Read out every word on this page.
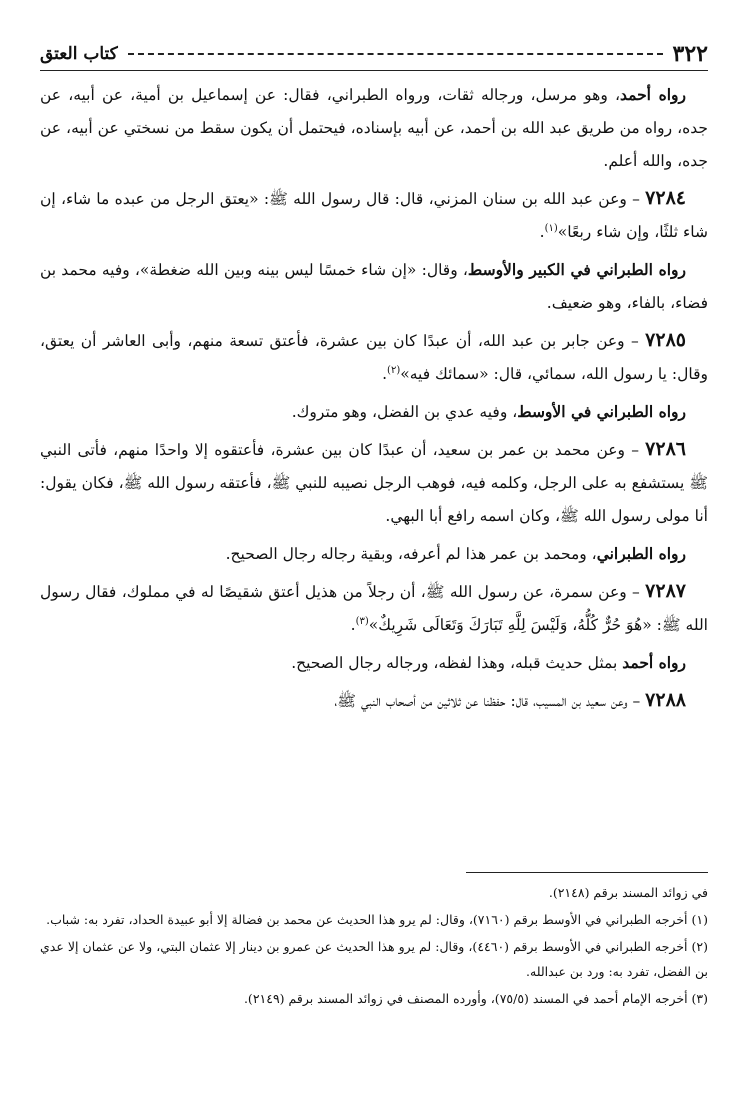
٣٢٢
كتاب العتق

رواه أحمد، وهو مرسل، ورجاله ثقات، ورواه الطبراني، فقال: عن إسماعيل بن أمية، عن أبيه، عن جده، رواه من طريق عبد الله بن أحمد، عن أبيه بإسناده، فيحتمل أن يكون سقط من نسختي عن أبيه، عن جده، والله أعلم.

٧٢٨٤ – وعن عبد الله بن سنان المزني، قال: قال رسول الله ﷺ: «يعتق الرجل من عبده ما شاء، إن شاء ثلثًا، وإن شاء ربعًا»$^{(١)}$.

رواه الطبراني في الكبير والأوسط، وقال: «إن شاء خمسًا ليس بينه وبين الله ضغطة»، وفيه محمد بن فضاء، بالفاء، وهو ضعيف.

٧٢٨٥ – وعن جابر بن عبد الله، أن عبدًا كان بين عشرة، فأعتق تسعة منهم، وأبى العاشر أن يعتق، وقال: يا رسول الله، سمائي، قال: «سمائك فيه»$^{(٢)}$.

رواه الطبراني في الأوسط، وفيه عدي بن الفضل، وهو متروك.

٧٢٨٦ – وعن محمد بن عمر بن سعيد، أن عبدًا كان بين عشرة، فأعتقوه إلا واحدًا منهم، فأتى النبي ﷺ يستشفع به على الرجل، وكلمه فيه، فوهب الرجل نصيبه للنبي ﷺ، فأعتقه رسول الله ﷺ، فكان يقول: أنا مولى رسول الله ﷺ، وكان اسمه رافع أبا البهي.

رواه الطبراني، ومحمد بن عمر هذا لم أعرفه، وبقية رجاله رجال الصحيح.

٧٢٨٧ – وعن سمرة، عن رسول الله ﷺ، أن رجلاً من هذيل أعتق شقيصًا له في مملوك، فقال رسول الله ﷺ: «هُوَ حُرٌّ كُلُّهُ، وَلَيْسَ لِلَّهِ تَبَارَكَ وَتَعَالَى شَرِيكٌ»$^{(٣)}$.

رواه أحمد بمثل حديث قبله، وهذا لفظه، ورجاله رجال الصحيح.

٧٢٨٨ – وعن سعيد بن المسيب، قال: حفظنا عن ثلاثين من أصحاب النبي ﷺ،

في زوائد المسند برقم (٢١٤٨).

(١) أخرجه الطبراني في الأوسط برقم (٧١٦٠)، وقال: لم يرو هذا الحديث عن محمد بن فضالة إلا أبو عبيدة الحداد، تفرد به: شباب.

(٢) أخرجه الطبراني في الأوسط برقم (٤٤٦٠)، وقال: لم يرو هذا الحديث عن عمرو بن دينار إلا عثمان البتي، ولا عن عثمان إلا عدي بن الفضل، تفرد به: ورد بن عبدالله.

(٣) أخرجه الإمام أحمد في المسند (٧٥/٥)، وأورده المصنف في زوائد المسند برقم (٢١٤٩).
